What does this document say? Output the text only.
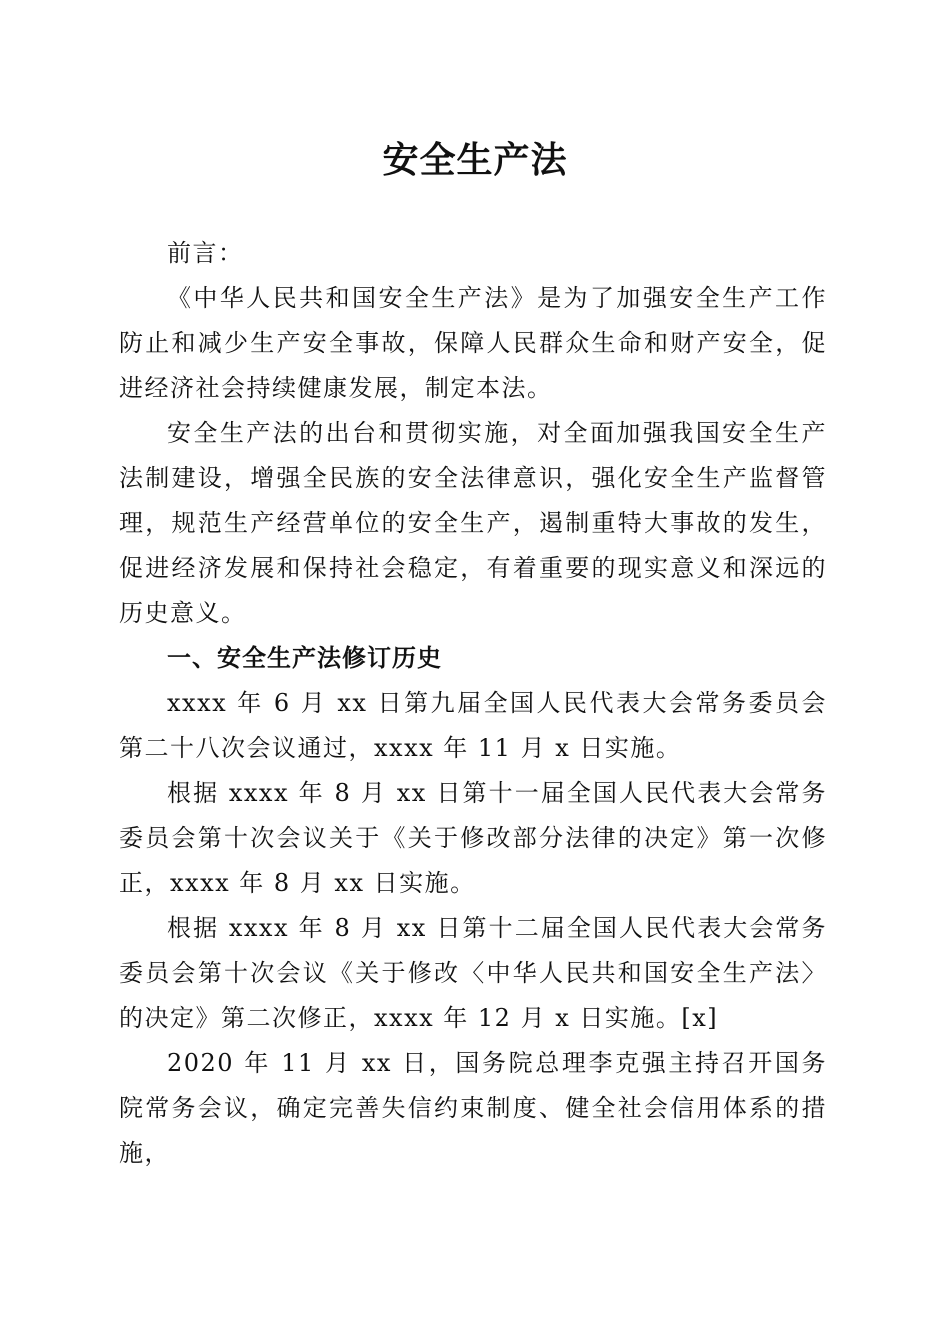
安全生产法

前言：

《中华人民共和国安全生产法》是为了加强安全生产工作防止和减少生产安全事故，保障人民群众生命和财产安全，促进经济社会持续健康发展，制定本法。

安全生产法的出台和贯彻实施，对全面加强我国安全生产法制建设，增强全民族的安全法律意识，强化安全生产监督管理，规范生产经营单位的安全生产，遏制重特大事故的发生，促进经济发展和保持社会稳定，有着重要的现实意义和深远的历史意义。

一、安全生产法修订历史

xxxx 年 6 月 xx 日第九届全国人民代表大会常务委员会第二十八次会议通过，xxxx 年 11 月 x 日实施。

根据 xxxx 年 8 月 xx 日第十一届全国人民代表大会常务委员会第十次会议关于《关于修改部分法律的决定》第一次修正，xxxx 年 8 月 xx 日实施。

根据 xxxx 年 8 月 xx 日第十二届全国人民代表大会常务委员会第十次会议《关于修改〈中华人民共和国安全生产法〉的决定》第二次修正，xxxx 年 12 月 x 日实施。[x]

2020 年 11 月 xx 日，国务院总理李克强主持召开国务院常务会议，确定完善失信约束制度、健全社会信用体系的措施，
